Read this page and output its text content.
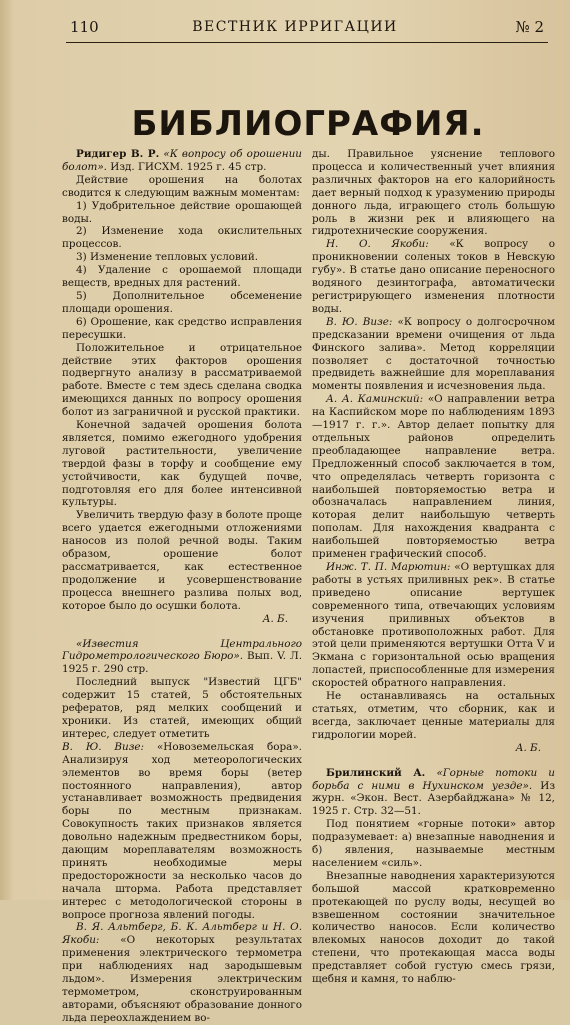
110	ВЕСТНИК ИРРИГАЦИИ	№ 2
БИБЛИОГРАФИЯ.

Ридигер В. Р. «К вопросу об орошении болот». Изд. ГИСХМ. 1925 г. 45 стр.

Действие орошения на болотах сводится к следующим важным моментам:

1) Удобрительное действие орошающей воды.

2) Изменение хода окислительных процессов.

3) Изменение тепловых условий.

4) Удаление с орошаемой площади веществ, вредных для растений.

5) Дополнительное обсеменение площади орошения.

6) Орошение, как средство исправления пересушки.

Положительное и отрицательное действие этих факторов орошения подвергнуто анализу в рассматриваемой работе. Вместе с тем здесь сделана сводка имеющихся данных по вопросу орошения болот из заграничной и русской практики.

Конечной задачей орошения болота является, помимо ежегодного удобрения луговой растительности, увеличение твердой фазы в торфу и сообщение ему устойчивости, как будущей почве, подготовляя его для более интенсивной культуры.

Увеличить твердую фазу в болоте проще всего удается ежегодными отложениями наносов из полой речной воды. Таким образом, орошение болот рассматривается, как естественное продолжение и усовершенствование процесса внешнего разлива полых вод, которое было до осушки болота.

А. Б.

«Известия Центрального Гидрометрологического Бюро». Вып. V. Л. 1925 г. 290 стр.

Последний выпуск "Известий ЦГБ" содержит 15 статей, 5 обстоятельных рефератов, ряд мелких сообщений и хроники. Из статей, имеющих общий интерес, следует отметить

В. Ю. Визе: «Новоземельская бора». Анализируя ход метеорологических элементов во время боры (ветер постоянного направления), автор устанавливает возможность предвидения боры по местным признакам. Совокупность таких признаков является довольно надежным предвестником боры, дающим мореплавателям возможность принять необходимые меры предосторожности за несколько часов до начала шторма. Работа представляет интерес с методологической стороны в вопросе прогноза явлений погоды.

В. Я. Альтберг, Б. К. Альтберг и Н. О. Якоби: «О некоторых результатах применения электрического термометра при наблюдениях над зародышевым льдом». Измерения электрическим термометром, сконструированным авторами, объясняют образование донного льда переохлаждением во-

ды. Правильное уяснение теплового процесса и количественный учет влияния различных факторов на его калорийность дает верный подход к уразумению природы донного льда, играющего столь большую роль в жизни рек и влияющего на гидротехнические сооружения.

Н. О. Якоби: «К вопросу о проникновении соленых токов в Невскую губу». В статье дано описание переносного водяного дезинтографа, автоматически регистрирующего изменения плотности воды.

В. Ю. Визе: «К вопросу о долгосрочном предсказании времени очищения от льда Финского залива». Метод корреляции позволяет с достаточной точностью предвидеть важнейшие для мореплавания моменты появления и исчезновения льда.

А. А. Каминский: «О направлении ветра на Каспийском море по наблюдениям 1893—1917 г. г.». Автор делает попытку для отдельных районов определить преобладающее направление ветра. Предложенный способ заключается в том, что определялась четверть горизонта с наибольшей повторяемостью ветра и обозначалась направлением линия, которая делит наибольшую четверть пополам. Для нахождения квадранта с наибольшей повторяемостью ветра применен графический способ.

Инж. Т. П. Марютин: «О вертушках для работы в устьях приливных рек». В статье приведено описание вертушек современного типа, отвечающих условиям изучения приливных объектов в обстановке противоположных работ. Для этой цели применяются вертушки Отта V и Экмана с горизонтальной осью вращения лопастей, приспособленные для измерения скоростей обратного направления.

Не останавливаясь на остальных статьях, отметим, что сборник, как и всегда, заключает ценные материалы для гидрологии морей.

А. Б.

Брилинский А. «Горные потоки и борьба с ними в Нухинском уезде». Из журн. «Экон. Вест. Азербайджана» № 12, 1925 г. Стр. 32—51.

Под понятием «горные потоки» автор подразумевает: а) внезапные наводнения и б) явления, называемые местным населением «силь».

Внезапные наводнения характеризуются большой массой кратковременно протекающей по руслу воды, несущей во взвешенном состоянии значительное количество наносов. Если количество влекомых наносов доходит до такой степени, что протекающая масса воды представляет собой густую смесь грязи, щебня и камня, то наблю-
